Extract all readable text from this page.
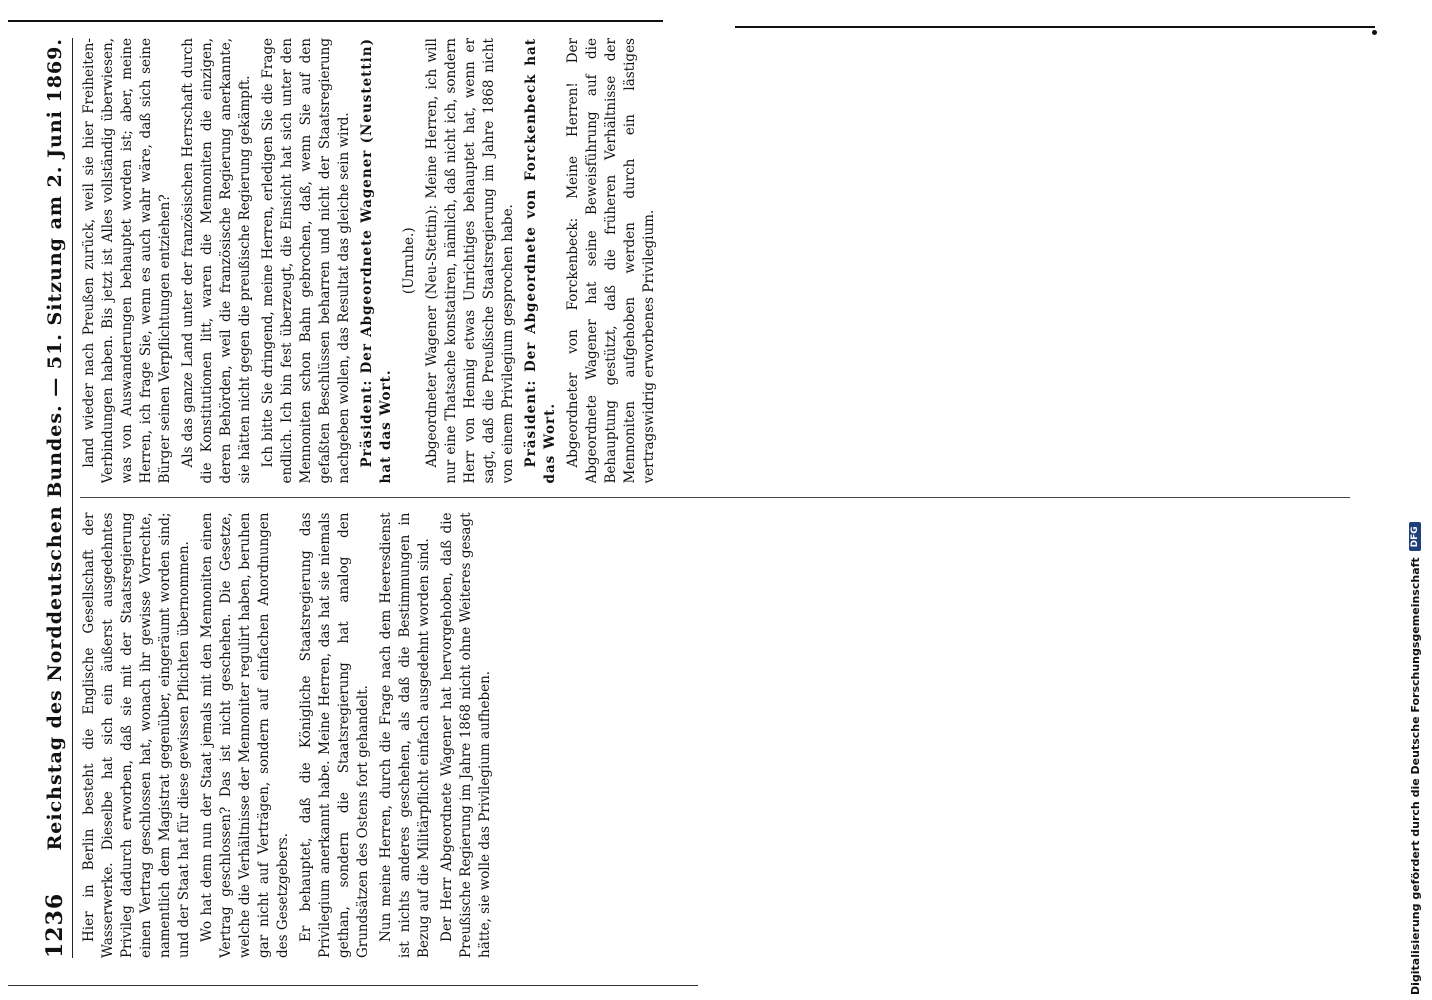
1236
Reichstag des Norddeutschen Bundes. — 51. Sitzung am 2. Juni 1869. Hier in Berlin besteht die Englische Gesellschaft der Wasserwerke. Dieselbe hat sich ein äußerst ausgedehntes Privileg dadurch erworben, daß sie mit der Staatsregierung einen Vertrag geschlossen hat, wonach ihr gewisse Vorrechte, namentlich dem Magistrat gegenüber, eingeräumt worden sind; und der Staat hat für diese gewissen Pflichten übernommen. Wo hat denn nun der Staat jemals mit den Mennoniten einen Vertrag geschlossen? Das ist nicht geschehen. Die Gesetze, welche die Verhältnisse der Mennoniter regulirt haben, beruhen gar nicht auf Verträgen, sondern auf einfachen Anordnungen des Gesetzgebers. Er behauptet, daß die Königliche Staatsregierung das Privilegium anerkannt habe. Meine Herren, das hat sie niemals gethan, sondern die Staatsregierung hat analog den Grundsätzen des Ostens fort gehandelt. Nun meine Herren, durch die Frage nach dem Heeresdienst ist nichts anderes geschehen, als daß die Bestimmungen in Bezug auf die Militärpflicht einfach ausgedehnt worden sind. Der Herr Abgeordnete Wagener hat hervorgehoben, daß die Preußische Regierung im Jahre 1868 nicht ohne Weiteres gesagt hätte, sie wolle das Privilegium aufheben.

land wieder nach Preußen zurück, weil sie hier Freiheiten-Verbindungen haben. Bis jetzt ist Alles vollständig überwiesen, was von Auswanderungen behauptet worden ist; aber, meine Herren, ich frage Sie, wenn es auch wahr wäre, daß sich seine Bürger seinen Verpflichtungen entziehen? Als das ganze Land unter der französischen Herrschaft durch die Konstitutionen litt, waren die Mennoniten die einzigen, deren Behörden, weil die französische Regierung anerkannte, sie hätten nicht gegen die preußische Regierung gekämpft. Ich bitte Sie dringend, meine Herren, erledigen Sie die Frage endlich. Ich bin fest überzeugt, die Einsicht hat sich unter den Mennoniten schon Bahn gebrochen, daß, wenn Sie auf den gefaßten Beschlüssen beharren und nicht der Staatsregierung nachgeben wollen, das Resultat das gleiche sein wird. Präsident: Der Abgeordnete Wagener (Neustettin) hat das Wort.

(Unruhe.) Abgeordneter Wagener (Neu-Stettin): Meine Herren, ich will nur eine Thatsache konstatiren, nämlich, daß nicht ich, sondern Herr von Hennig etwas Unrichtiges behauptet hat, wenn er sagt, daß die Preußische Staatsregierung im Jahre 1868 nicht von einem Privilegium gesprochen habe. Präsident: Der Abgeordnete von Forckenbeck hat das Wort. Abgeordneter von Forckenbeck: Meine Herren! Der Abgeordnete Wagener hat seine Beweisführung auf die Behauptung gestützt, daß die früheren Verhältnisse der Mennoniten aufgehoben werden durch ein lästiges vertragswidrig erworbenes Privilegium.

Digitalisierung gefördert durch die Deutsche Forschungsgemeinschaft
DFG
